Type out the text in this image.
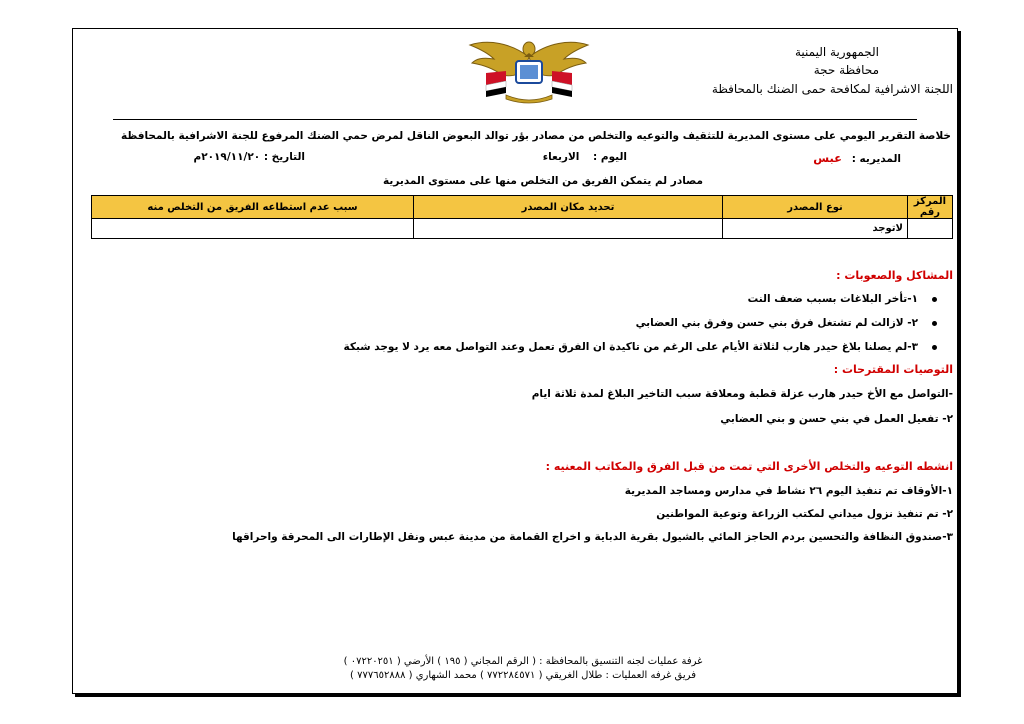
الجمهورية اليمنية
محافظة حجة
اللجنة الاشرافية لمكافحة حمى الضنك بالمحافظة
خلاصة التقرير اليومي على مستوى المديرية للتثقيف والتوعيه والتخلص من مصادر بؤر توالد البعوض الناقل لمرض حمي الضنك المرفوع للجنة الاشرافية بالمحافظة
المديريه : عبس
اليوم : الاربعاء
التاريخ : ٢٠١٩/١١/٢٠م
مصادر لم يتمكن الفريق من التخلص منها على مستوى المديرية
المركز رقم	نوع المصدر	تحديد مكان المصدر	سبب عدم استطاعه الفريق من التخلص منه
	لاتوجد		
المشاكل والصعوبات :
١-تأخر البلاغات بسبب ضعف النت
٢- لازالت لم تشتغل فرق بني حسن وفرق بني العضابي
٣-لم يصلنا بلاغ حيدر هارب لثلاثة الأيام على الرغم من تاكيدة ان الفرق تعمل وعند التواصل معه يرد لا يوجد شبكة
التوصيات المقترحات :
-التواصل مع الأخ حيدر هارب عزلة قطبة ومعلاقة سبب التاخير البلاغ لمدة ثلاثة ايام
٢- تفعيل العمل في بني حسن و بني العضابي
انشطه التوعيه والتخلص الأخرى التي تمت من قبل الفرق والمكاتب المعنيه :
١-الأوقاف تم تنفيذ اليوم ٢٦ نشاط في مدارس ومساجد المديرية
٢- تم تنفيذ نزول ميداني لمكتب الزراعة وتوعية المواطنين
٣-صندوق النظافة والتحسين بردم الحاجز المائي بالشيول بقرية الدباية و اخراج القمامة من مدينة عبس ونقل الإطارات الى المحرقة واحراقها
غرفة عمليات لجنه التنسيق بالمحافظة : ( الرقم المجاني ( ١٩٥ ) الأرضي ( ٠٧٢٢٠٢٥١ )
فريق غرفه العمليات : طلال الغريقي ( ٧٧٢٢٨٤٥٧١ ) محمد الشهاري ( ٧٧٧٦٥٢٨٨٨ )
